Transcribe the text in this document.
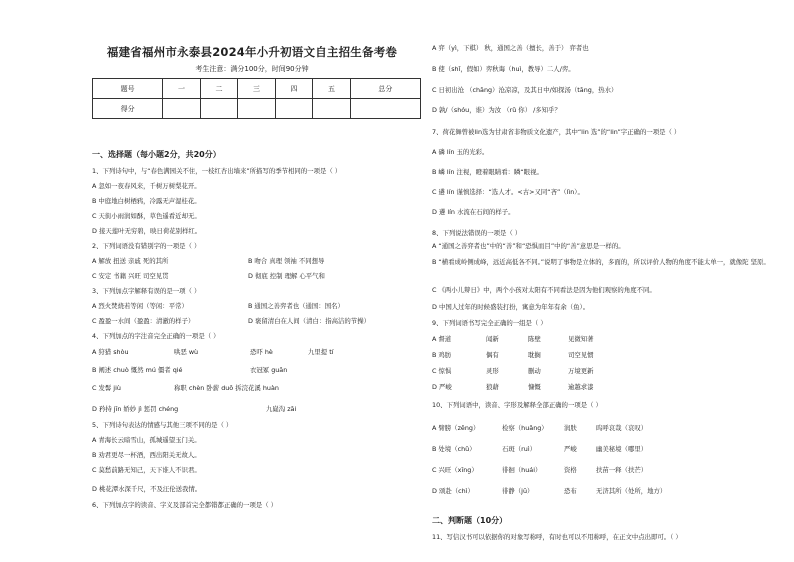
福建省福州市永泰县2024年小升初语文自主招生备考卷
考生注意：满分100分，时间90分钟
题号	一	二	三	四	五	总分
得分						
一、选择题（每小题2分，共20分）
1、下列诗句中，与“春色满园关不住，一枝红杏出墙来”所描写的季节相同的一项是（ ）
A 忽如一夜春风来，千树万树梨花开。
B 中庭地白树栖鸦，冷露无声湿桂花。
C 天街小雨润如酥，草色遥看近却无。
D 接天莲叶无穷碧，映日荷花别样红。
2、下列词语没有错别字的一项是（ ）
A 解放 扭送 亲戚 死的其所	B 吻合 真理 领袖 不同想导
C 安定 书籍 兴旺 司空见贯	D 彻底 控制 理解 心平气和
3、下列加点字解释有误的是一项（ ）
A 烈火焚烧若等闲（等闲：平常）	B 通国之善弈者也（通国：国名）
C 盈盈一水间（盈盈：清澈的样子）	D 褒留清白在人间（清白：指高洁的节操）
4、下列加点的字注音完全正确的一项是（ ）
A 狩猎 shòu	哄恶 wù	恐吓 hè	九里提 tí
B 阐述 chuò 慨然 mú 僵者 qié	衣冠冢 guān
C 发髻 jiù	称职 chèn 卧薪 duō 拆浣花溪 huàn
D 矜持 jīn 娇妙 jì 惩罚 chéng	九嶷沟 zāi
5、下列诗句表达的情感与其他三项不同的是（ ）
A 青海长云暗雪山，孤城遥望玉门关。
B 劝君更尽一杯酒，西出阳关无故人。
C 莫愁前路无知己，天下谁人不识君。
D 桃花潭水深千尺，不及汪伦送我情。
6、下列加点字的读音、字义及部首完全都错都正确的一项是（ ）
A 弈（yì，下棋） 秋，通国之善（擅长，善于） 弈者也
B 使（shǐ，假如）弈秋诲（huì，教导）二人/弈。
C 日初出沧 （chāng）沧凉凉，及其日中/如探汤（tāng，热水）
D 孰/（shóu，谁）为汝 （rǔ 你） /多知乎？
7、荷花舞曾被lin选为甘肃省非物质文化遗产，其中“lin 选”的“lin”字正确的一项是（ ）
A 磷 lín 玉的光彩。
B 嶙 lín 注视，瞪着眼睛看：瞵“眼视。
C 遴 lín 谨慎选择：“选人才。<古>又同“吝”（lìn）。
D 遴 lín 水流在石间的样子。
8、下列说法错误的一项是（ ）
A “通国之善弈者也”中的“善”和“恐惧而目”中的“善”意思是一样的。
B “横看成岭侧成峰，远近高低各不同。”说明了事物是立体的，多面的，所以评价人物的角度不能太单一，就像陀 坚原。
C 《两小儿辩日》中，两个小孩对太阳有不同看法是因为他们观察的角度不同。
D 中国人过年的时候盛装打扮，寓意为年年有余（鱼）。
9、下列词语书写完全正确的一组是（ ）
A 督道	闻新	陈壁	见微知著
B 鸡肪	偶有	耽搁	司空见惯
C 惊惧	灵形	删动	万境更新
D 严峻	狼藉	慷慨	逾越求漆
10、下列词语中，读音、字形及解释全部正确的一项是（ ）
A 臂膀（zēng）	检察（huǎng）	润肤	呜呼哀哉（哀叹）
B 处境（chǔ）	石斑（ruì）	严峻	幽美秘境（哪里）
C 兴旺（xīng）	徘徊（huái）	资格	扶苗一释（扶芒）
D 颂赴（chì）	徘静（jū）	恐布	无济其所（处所，地方）
二、判断题（10分）
11、写信汉书可以依据你的对象写称呼，有时也可以不用称呼，在正文中点出即可。（ ）
